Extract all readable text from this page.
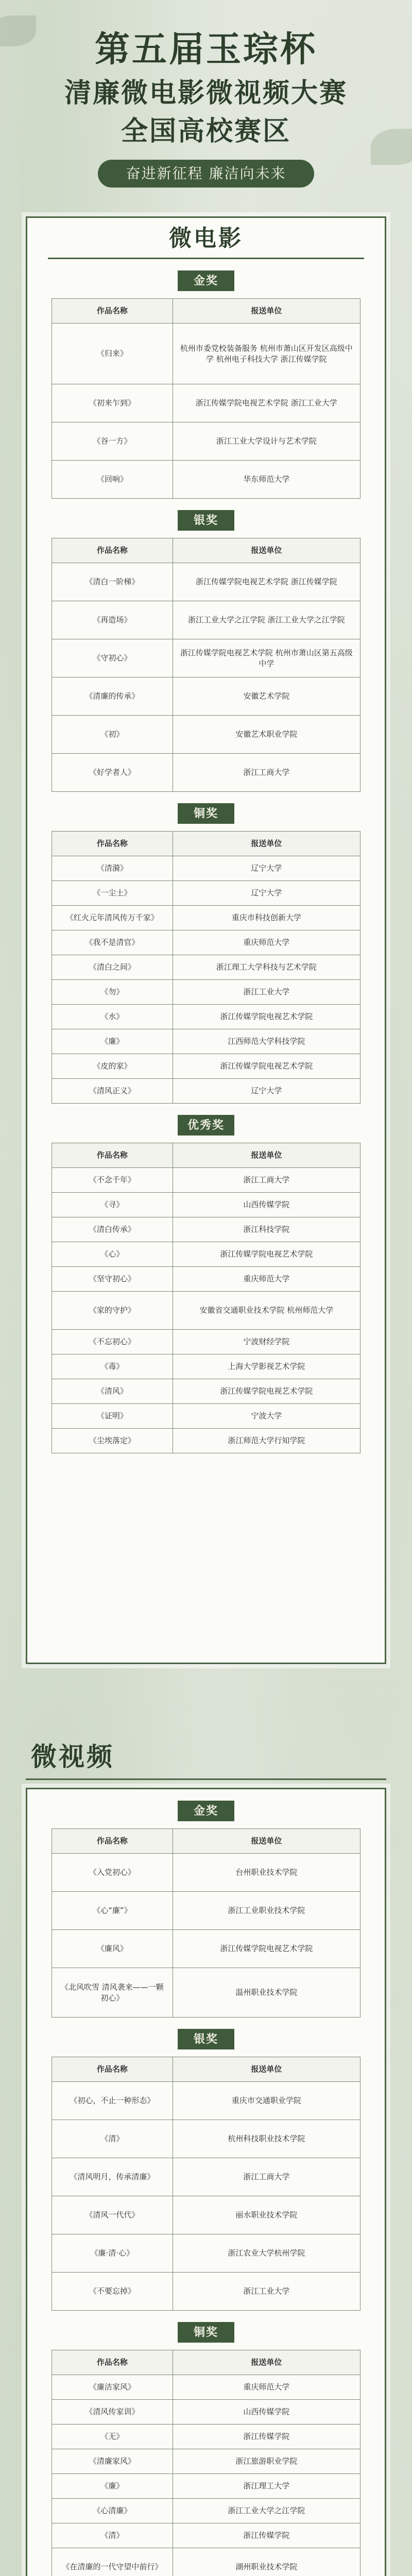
第五届玉琮杯
清廉微电影微视频大赛
全国高校赛区
奋进新征程 廉洁向未来
微电影
金奖
作品名称	报送单位
《归来》	杭州市委党校装备服务 杭州市萧山区开发区高级中学 杭州电子科技大学 浙江传媒学院
《初来乍到》	浙江传媒学院电视艺术学院 浙江工业大学
《谷一方》	浙江工业大学设计与艺术学院
《回响》	华东师范大学
银奖
作品名称	报送单位
《清白一阶梯》	浙江传媒学院电视艺术学院 浙江传媒学院
《再造场》	浙江工业大学之江学院 浙江工业大学之江学院
《守初心》	浙江传媒学院电视艺术学院 杭州市萧山区第五高级中学
《清廉的传承》	安徽艺术学院
《初》	安徽艺术职业学院
《好学者人》	浙江工商大学
铜奖
作品名称	报送单位
《清漪》	辽宁大学
《一尘土》	辽宁大学
《红火元年清风传万千家》	重庆市科技创新大学
《我不是清官》	重庆师范大学
《清白之间》	浙江理工大学科技与艺术学院
《勿》	浙江工业大学
《水》	浙江传媒学院电视艺术学院
《廉》	江西师范大学科技学院
《皮的家》	浙江传媒学院电视艺术学院
《清风正义》	辽宁大学
优秀奖
作品名称	报送单位
《不念千年》	浙江工商大学
《寻》	山西传媒学院
《清白传承》	浙江科技学院
《心》	浙江传媒学院电视艺术学院
《坚守初心》	重庆师范大学
《家的守护》	安徽省交通职业技术学院 杭州师范大学
《不忘初心》	宁波财经学院
《毒》	上海大学影视艺术学院
《清风》	浙江传媒学院电视艺术学院
《证明》	宁波大学
《尘埃落定》	浙江师范大学行知学院
微视频
金奖
作品名称	报送单位
《入党初心》	台州职业技术学院
《心“廉”》	浙江工业职业技术学院
《廉风》	浙江传媒学院电视艺术学院
《北风吹雪 清风袭来——一颗初心》	温州职业技术学院
银奖
作品名称	报送单位
《初心，不止一种形态》	重庆市交通职业学院
《清》	杭州科技职业技术学院
《清风明月，传承清廉》	浙江工商大学
《清风一代代》	丽水职业技术学院
《廉·清·心》	浙江农业大学杭州学院
《不要忘掉》	浙江工业大学
铜奖
作品名称	报送单位
《廉洁家风》	重庆师范大学
《清风传家训》	山西传媒学院
《无》	浙江传媒学院
《清廉家风》	浙江旅游职业学院
《廉》	浙江理工大学
《心清廉》	浙江工业大学之江学院
《清》	浙江传媒学院
《在清廉的一代守望中前行》	湖州职业技术学院
